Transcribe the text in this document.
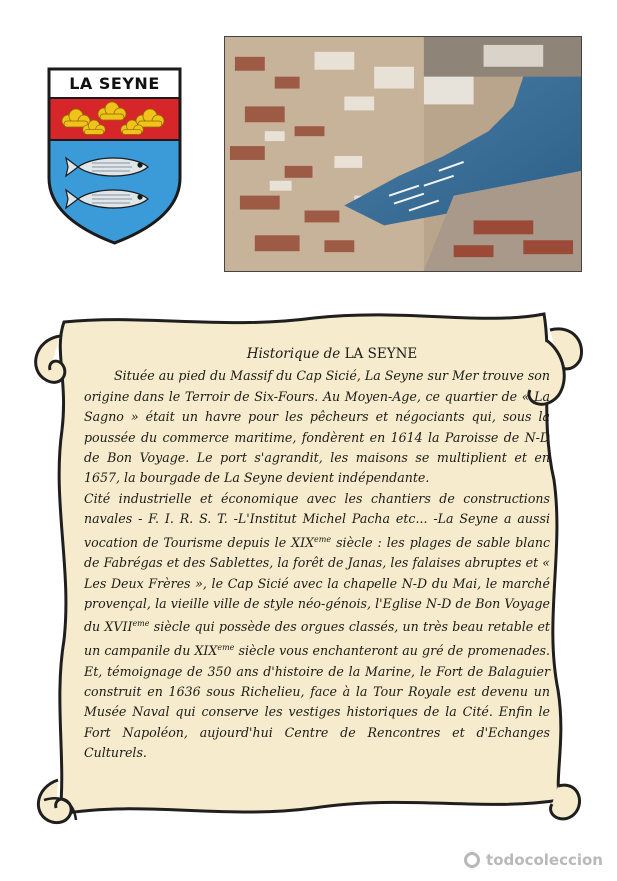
LA SEYNE
Historique de LA SEYNE

Située au pied du Massif du Cap Sicié, La Seyne sur Mer trouve son origine dans le Terroir de Six-Fours. Au Moyen-Age, ce quartier de « La Sagno » était un havre pour les pêcheurs et négociants qui, sous la poussée du commerce maritime, fondèrent en 1614 la Paroisse de N-D de Bon Voyage. Le port s'agrandit, les maisons se multiplient et en 1657, la bourgade de La Seyne devient indépendante.

Cité industrielle et économique avec les chantiers de constructions navales - F. I. R. S. T. -L'Institut Michel Pacha etc... -La Seyne a aussi vocation de Tourisme depuis le XIXeme siècle : les plages de sable blanc de Fabrégas et des Sablettes, la forêt de Janas, les falaises abruptes et « Les Deux Frères », le Cap Sicié avec la chapelle N-D du Mai, le marché provençal, la vieille ville de style néo-génois, l'Eglise N-D de Bon Voyage du XVIIeme siècle qui possède des orgues classés, un très beau retable et un campanile du XIXeme siècle vous enchanteront au gré de promenades. Et, témoignage de 350 ans d'histoire de la Marine, le Fort de Balaguier construit en 1636 sous Richelieu, face à la Tour Royale est devenu un Musée Naval qui conserve les vestiges historiques de la Cité. Enfin le Fort Napoléon, aujourd'hui Centre de Rencontres et d'Echanges Culturels.

todocoleccion
